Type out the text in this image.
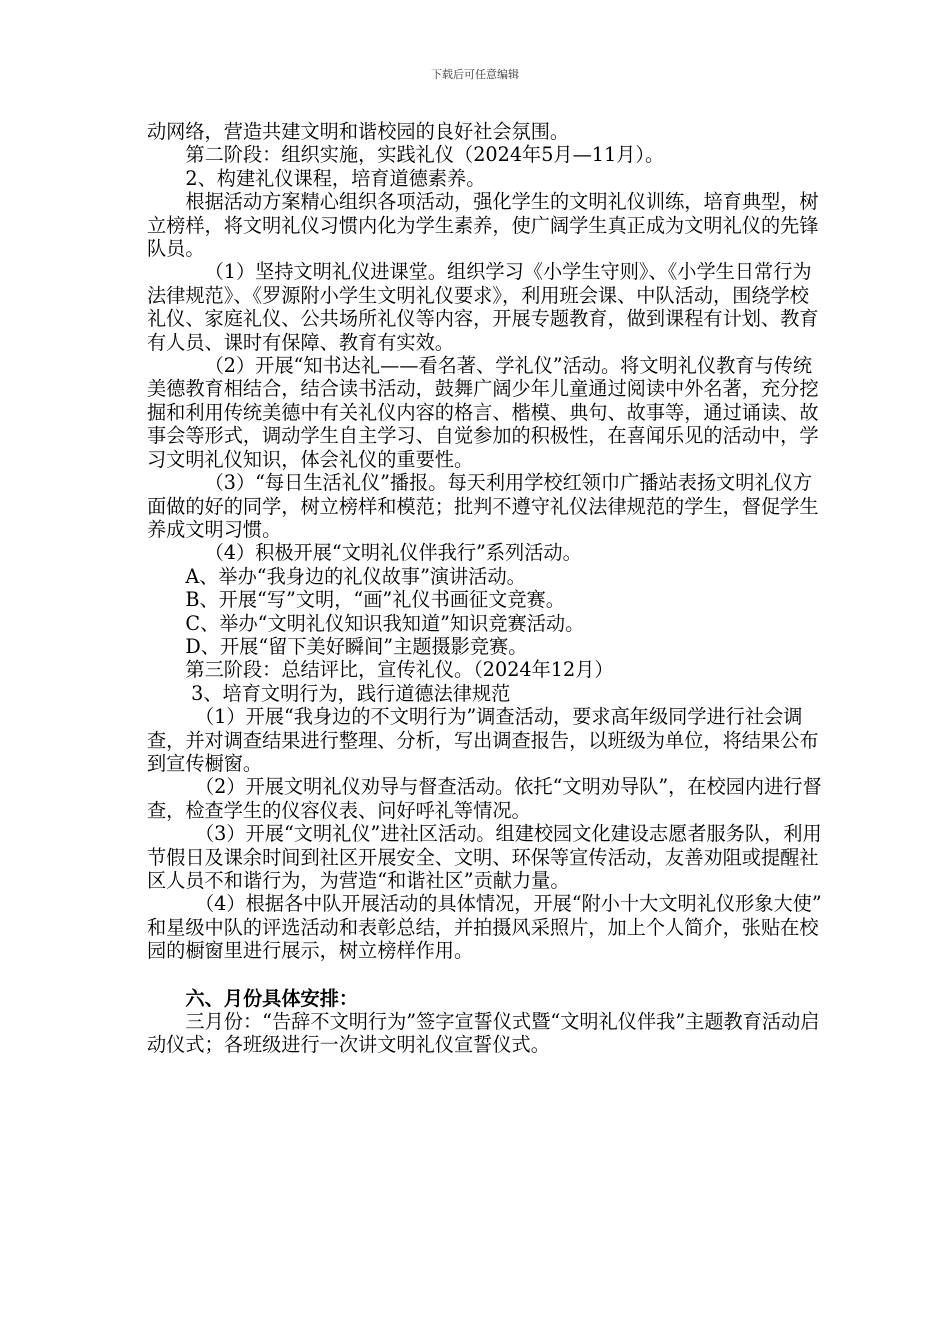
下载后可任意编辑

动网络，营造共建文明和谐校园的良好社会氛围。

第二阶段：组织实施，实践礼仪（2024年5月—11月）。

2、构建礼仪课程，培育道德素养。

根据活动方案精心组织各项活动，强化学生的文明礼仪训练，培育典型，树立榜样，将文明礼仪习惯内化为学生素养，使广阔学生真正成为文明礼仪的先锋队员。

（1）坚持文明礼仪进课堂。组织学习《小学生守则》、《小学生日常行为法律规范》、《罗源附小学生文明礼仪要求》，利用班会课、中队活动，围绕学校礼仪、家庭礼仪、公共场所礼仪等内容，开展专题教育，做到课程有计划、教育有人员、课时有保障、教育有实效。

（2）开展“知书达礼——看名著、学礼仪”活动。将文明礼仪教育与传统美德教育相结合，结合读书活动，鼓舞广阔少年儿童通过阅读中外名著，充分挖掘和利用传统美德中有关礼仪内容的格言、楷模、典句、故事等，通过诵读、故事会等形式，调动学生自主学习、自觉参加的积极性，在喜闻乐见的活动中，学习文明礼仪知识，体会礼仪的重要性。

（3）“每日生活礼仪”播报。每天利用学校红领巾广播站表扬文明礼仪方面做的好的同学，树立榜样和模范；批判不遵守礼仪法律规范的学生，督促学生养成文明习惯。

（4）积极开展“文明礼仪伴我行”系列活动。

A、举办“我身边的礼仪故事”演讲活动。

B、开展“写”文明，“画”礼仪书画征文竞赛。

C、举办“文明礼仪知识我知道”知识竞赛活动。

D、开展“留下美好瞬间”主题摄影竞赛。

第三阶段：总结评比，宣传礼仪。（2024年12月）

3、培育文明行为，践行道德法律规范

（1）开展“我身边的不文明行为”调查活动，要求高年级同学进行社会调查，并对调查结果进行整理、分析，写出调查报告，以班级为单位，将结果公布到宣传橱窗。

（2）开展文明礼仪劝导与督查活动。依托“文明劝导队”，在校园内进行督查，检查学生的仪容仪表、问好呼礼等情况。

（3）开展“文明礼仪”进社区活动。组建校园文化建设志愿者服务队，利用节假日及课余时间到社区开展安全、文明、环保等宣传活动，友善劝阻或提醒社区人员不和谐行为，为营造“和谐社区”贡献力量。

（4）根据各中队开展活动的具体情况，开展“附小十大文明礼仪形象大使” 和星级中队的评选活动和表彰总结，并拍摄风采照片，加上个人简介，张贴在校园的橱窗里进行展示，树立榜样作用。

六、月份具体安排：

三月份：“告辞不文明行为”签字宣誓仪式暨“文明礼仪伴我”主题教育活动启动仪式；各班级进行一次讲文明礼仪宣誓仪式。
